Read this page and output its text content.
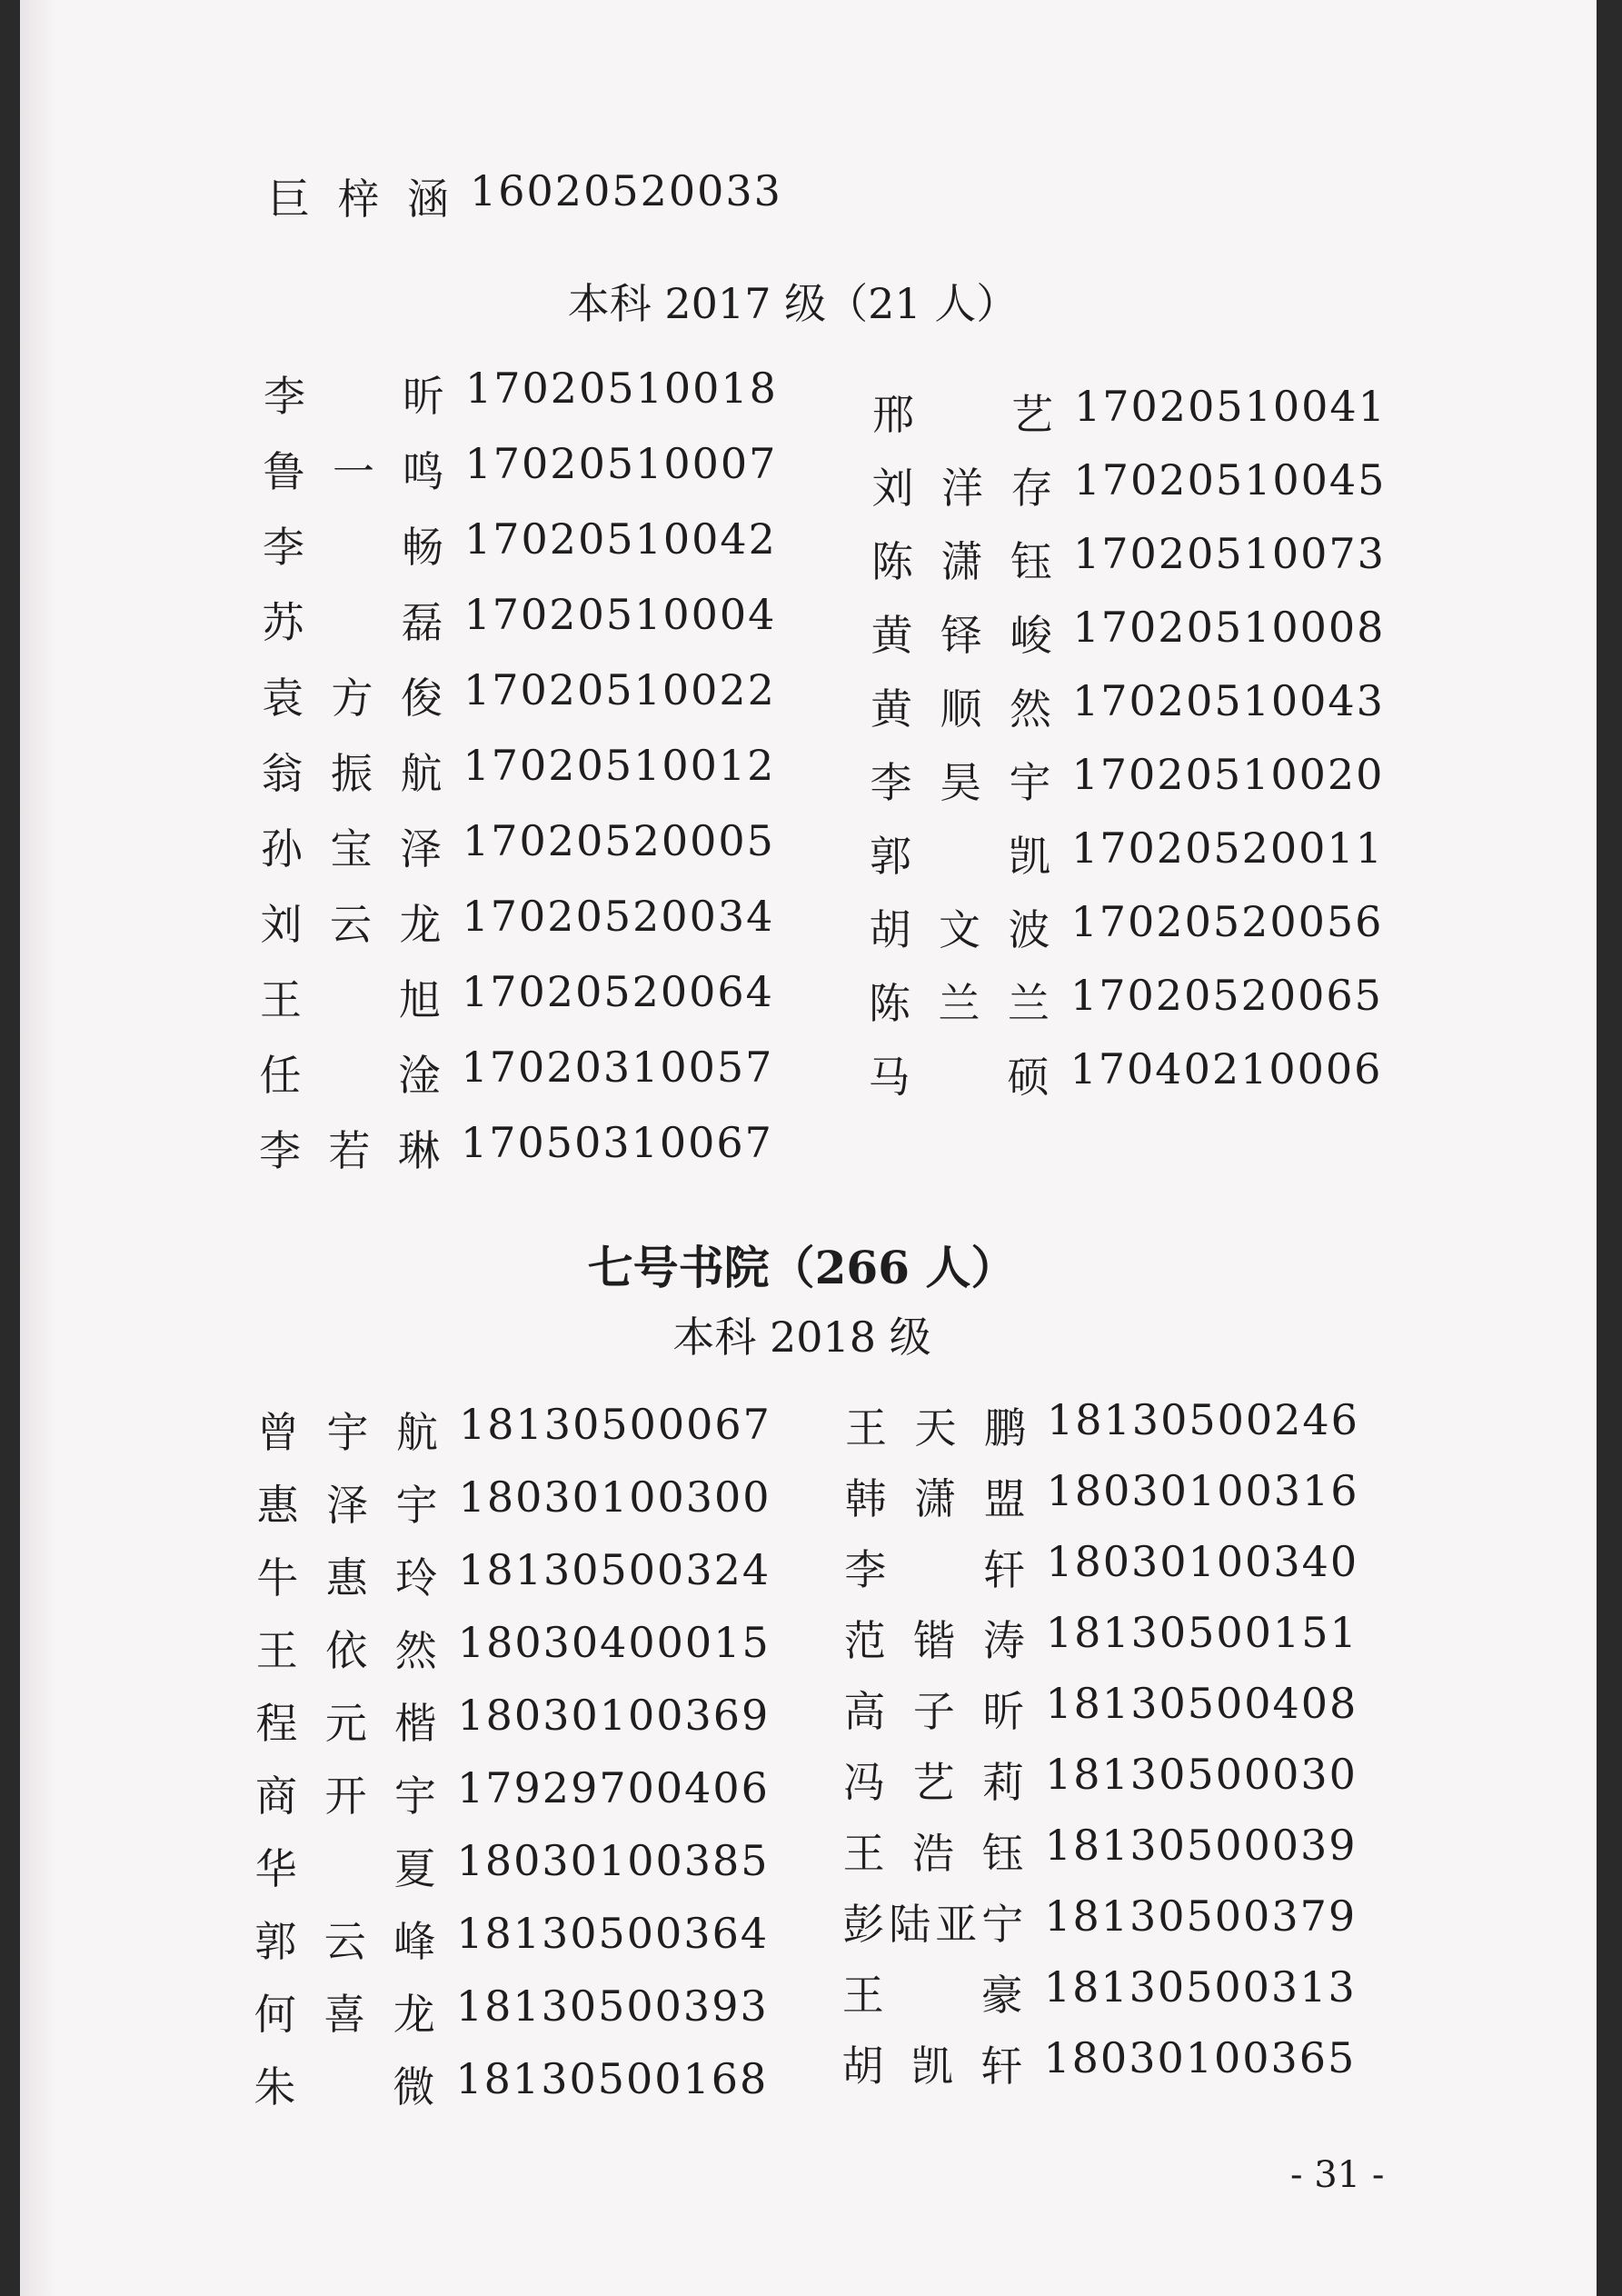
巨梓涵 16020520033
本科 2017 级（21 人）
李 昕 17020510018
鲁一鸣 17020510007
李 畅 17020510042
苏 磊 17020510004
袁方俊 17020510022
翁振航 17020510012
孙宝泽 17020520005
刘云龙 17020520034
王 旭 17020520064
任 淦 17020310057
李若琳 17050310067
邢 艺 17020510041
刘洋存 17020510045
陈潇钰 17020510073
黄铎峻 17020510008
黄顺然 17020510043
李昊宇 17020510020
郭 凯 17020520011
胡文波 17020520056
陈兰兰 17020520065
马 硕 17040210006
七号书院（266 人）
本科 2018 级
曾宇航 18130500067
惠泽宇 18030100300
牛惠玲 18130500324
王依然 18030400015
程元楷 18030100369
商开宇 17929700406
华 夏 18030100385
郭云峰 18130500364
何喜龙 18130500393
朱 微 18130500168
王天鹏 18130500246
韩潇盟 18030100316
李 轩 18030100340
范锴涛 18130500151
高子昕 18130500408
冯艺莉 18130500030
王浩钰 18130500039
彭陆亚宁 18130500379
王 豪 18130500313
胡凯轩 18030100365
- 31 -
